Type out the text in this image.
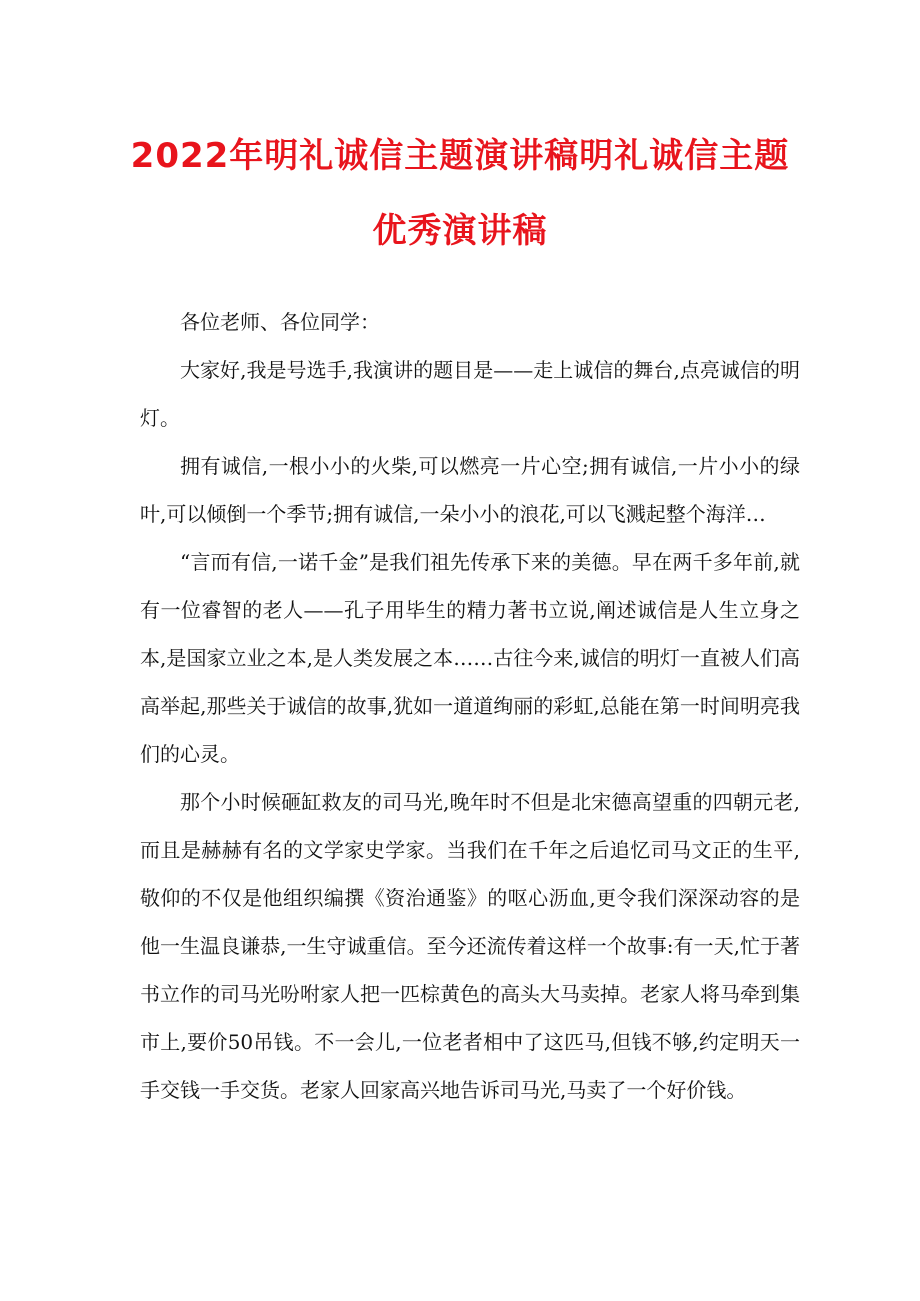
2022年明礼诚信主题演讲稿明礼诚信主题
优秀演讲稿

各位老师、各位同学：

大家好,我是号选手,我演讲的题目是——走上诚信的舞台,点亮诚信的明灯。

拥有诚信,一根小小的火柴,可以燃亮一片心空;拥有诚信,一片小小的绿叶,可以倾倒一个季节;拥有诚信,一朵小小的浪花,可以飞溅起整个海洋…

“言而有信,一诺千金”是我们祖先传承下来的美德。早在两千多年前,就有一位睿智的老人——孔子用毕生的精力著书立说,阐述诚信是人生立身之本,是国家立业之本,是人类发展之本……古往今来,诚信的明灯一直被人们高高举起,那些关于诚信的故事,犹如一道道绚丽的彩虹,总能在第一时间明亮我们的心灵。

那个小时候砸缸救友的司马光,晚年时不但是北宋德高望重的四朝元老,而且是赫赫有名的文学家史学家。当我们在千年之后追忆司马文正的生平,敬仰的不仅是他组织编撰《资治通鉴》的呕心沥血,更令我们深深动容的是他一生温良谦恭,一生守诚重信。至今还流传着这样一个故事:有一天,忙于著书立作的司马光吩咐家人把一匹棕黄色的高头大马卖掉。老家人将马牵到集市上,要价50吊钱。不一会儿,一位老者相中了这匹马,但钱不够,约定明天一手交钱一手交货。老家人回家高兴地告诉司马光,马卖了一个好价钱。
